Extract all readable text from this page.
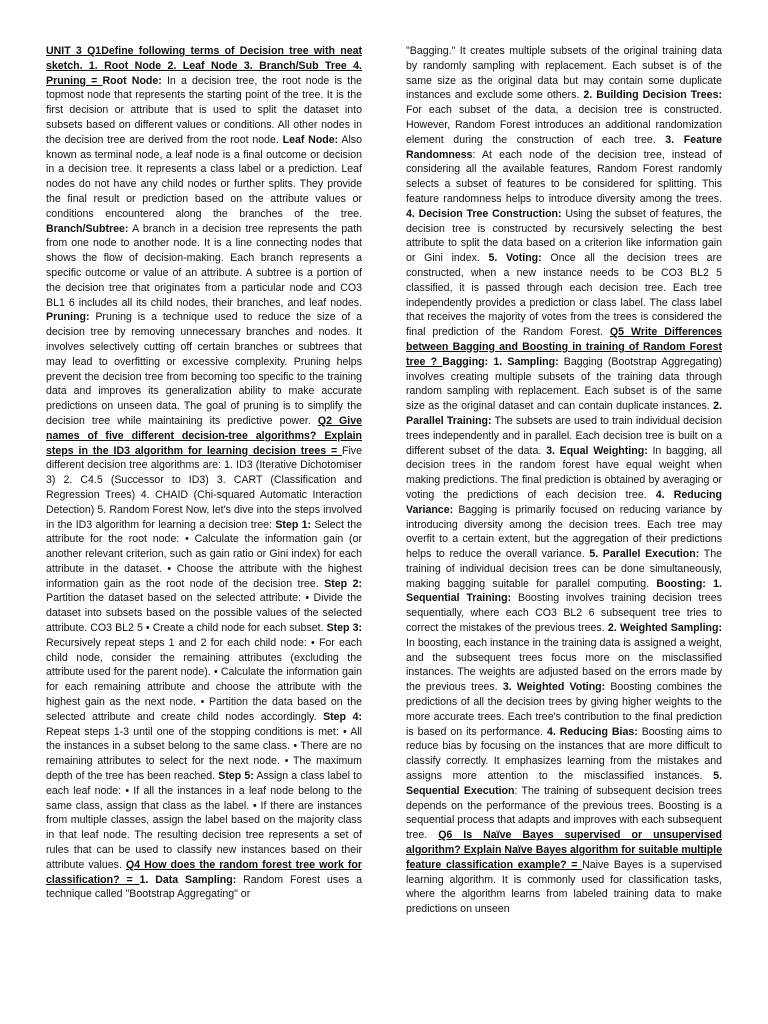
UNIT 3 Q1Define following terms of Decision tree with neat sketch. 1. Root Node 2. Leaf Node 3. Branch/Sub Tree 4. Pruning = Root Node: In a decision tree, the root node is the topmost node that represents the starting point of the tree. It is the first decision or attribute that is used to split the dataset into subsets based on different values or conditions. All other nodes in the decision tree are derived from the root node. Leaf Node: Also known as terminal node, a leaf node is a final outcome or decision in a decision tree. It represents a class label or a prediction. Leaf nodes do not have any child nodes or further splits. They provide the final result or prediction based on the attribute values or conditions encountered along the branches of the tree. Branch/Subtree: A branch in a decision tree represents the path from one node to another node. It is a line connecting nodes that shows the flow of decision-making. Each branch represents a specific outcome or value of an attribute. A subtree is a portion of the decision tree that originates from a particular node and CO3 BL1 6 includes all its child nodes, their branches, and leaf nodes. Pruning: Pruning is a technique used to reduce the size of a decision tree by removing unnecessary branches and nodes. It involves selectively cutting off certain branches or subtrees that may lead to overfitting or excessive complexity. Pruning helps prevent the decision tree from becoming too specific to the training data and improves its generalization ability to make accurate predictions on unseen data. The goal of pruning is to simplify the decision tree while maintaining its predictive power. Q2 Give names of five different decision-tree algorithms? Explain steps in the ID3 algorithm for learning decision trees = Five different decision tree algorithms are: 1. ID3 (Iterative Dichotomiser 3) 2. C4.5 (Successor to ID3) 3. CART (Classification and Regression Trees) 4. CHAID (Chi-squared Automatic Interaction Detection) 5. Random Forest Now, let's dive into the steps involved in the ID3 algorithm for learning a decision tree: Step 1: Select the attribute for the root node: • Calculate the information gain (or another relevant criterion, such as gain ratio or Gini index) for each attribute in the dataset. • Choose the attribute with the highest information gain as the root node of the decision tree. Step 2: Partition the dataset based on the selected attribute: • Divide the dataset into subsets based on the possible values of the selected attribute. CO3 BL2 5 • Create a child node for each subset. Step 3: Recursively repeat steps 1 and 2 for each child node: • For each child node, consider the remaining attributes (excluding the attribute used for the parent node). • Calculate the information gain for each remaining attribute and choose the attribute with the highest gain as the next node. • Partition the data based on the selected attribute and create child nodes accordingly. Step 4: Repeat steps 1-3 until one of the stopping conditions is met: • All the instances in a subset belong to the same class. • There are no remaining attributes to select for the next node. • The maximum depth of the tree has been reached. Step 5: Assign a class label to each leaf node: • If all the instances in a leaf node belong to the same class, assign that class as the label. • If there are instances from multiple classes, assign the label based on the majority class in that leaf node. The resulting decision tree represents a set of rules that can be used to classify new instances based on their attribute values. Q4 How does the random forest tree work for classification? = 1. Data Sampling: Random Forest uses a technique called "Bootstrap Aggregating" or
"Bagging." It creates multiple subsets of the original training data by randomly sampling with replacement. Each subset is of the same size as the original data but may contain some duplicate instances and exclude some others. 2. Building Decision Trees: For each subset of the data, a decision tree is constructed. However, Random Forest introduces an additional randomization element during the construction of each tree. 3. Feature Randomness: At each node of the decision tree, instead of considering all the available features, Random Forest randomly selects a subset of features to be considered for splitting. This feature randomness helps to introduce diversity among the trees. 4. Decision Tree Construction: Using the subset of features, the decision tree is constructed by recursively selecting the best attribute to split the data based on a criterion like information gain or Gini index. 5. Voting: Once all the decision trees are constructed, when a new instance needs to be CO3 BL2 5 classified, it is passed through each decision tree. Each tree independently provides a prediction or class label. The class label that receives the majority of votes from the trees is considered the final prediction of the Random Forest. Q5 Write Differences between Bagging and Boosting in training of Random Forest tree ? Bagging: 1. Sampling: Bagging (Bootstrap Aggregating) involves creating multiple subsets of the training data through random sampling with replacement. Each subset is of the same size as the original dataset and can contain duplicate instances. 2. Parallel Training: The subsets are used to train individual decision trees independently and in parallel. Each decision tree is built on a different subset of the data. 3. Equal Weighting: In bagging, all decision trees in the random forest have equal weight when making predictions. The final prediction is obtained by averaging or voting the predictions of each decision tree. 4. Reducing Variance: Bagging is primarily focused on reducing variance by introducing diversity among the decision trees. Each tree may overfit to a certain extent, but the aggregation of their predictions helps to reduce the overall variance. 5. Parallel Execution: The training of individual decision trees can be done simultaneously, making bagging suitable for parallel computing. Boosting: 1. Sequential Training: Boosting involves training decision trees sequentially, where each CO3 BL2 6 subsequent tree tries to correct the mistakes of the previous trees. 2. Weighted Sampling: In boosting, each instance in the training data is assigned a weight, and the subsequent trees focus more on the misclassified instances. The weights are adjusted based on the errors made by the previous trees. 3. Weighted Voting: Boosting combines the predictions of all the decision trees by giving higher weights to the more accurate trees. Each tree's contribution to the final prediction is based on its performance. 4. Reducing Bias: Boosting aims to reduce bias by focusing on the instances that are more difficult to classify correctly. It emphasizes learning from the mistakes and assigns more attention to the misclassified instances. 5. Sequential Execution: The training of subsequent decision trees depends on the performance of the previous trees. Boosting is a sequential process that adapts and improves with each subsequent tree. Q6 Is Naïve Bayes supervised or unsupervised algorithm? Explain Naïve Bayes algorithm for suitable multiple feature classification example? = Naive Bayes is a supervised learning algorithm. It is commonly used for classification tasks, where the algorithm learns from labeled training data to make predictions on unseen
